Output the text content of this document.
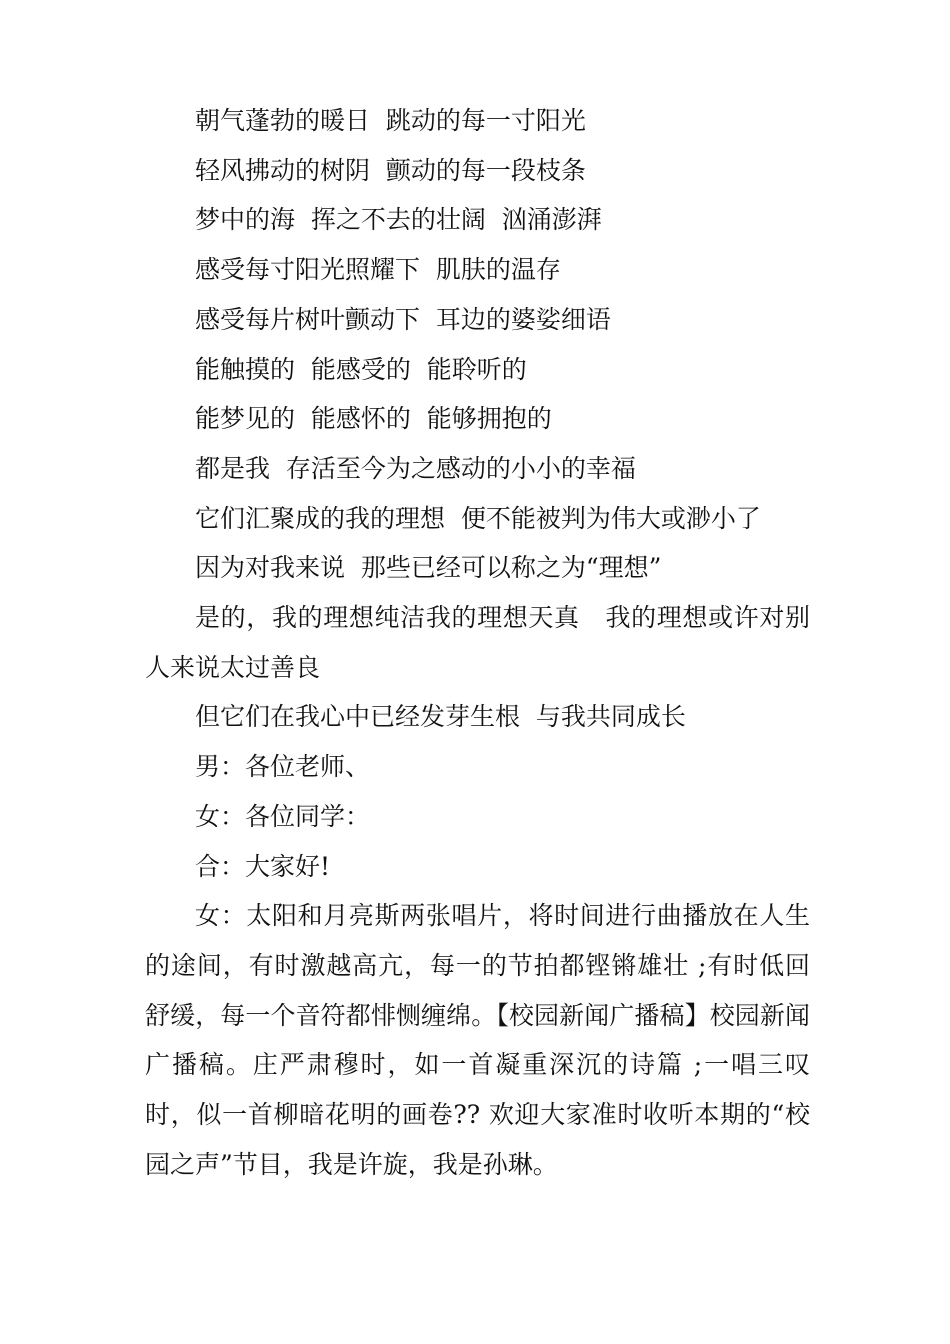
朝气蓬勃的暖日  跳动的每一寸阳光

轻风拂动的树阴  颤动的每一段枝条

梦中的海  挥之不去的壮阔  汹涌澎湃

感受每寸阳光照耀下  肌肤的温存

感受每片树叶颤动下  耳边的婆娑细语

能触摸的  能感受的  能聆听的

能梦见的  能感怀的  能够拥抱的

都是我  存活至今为之感动的小小的幸福

它们汇聚成的我的理想  便不能被判为伟大或渺小了

因为对我来说  那些已经可以称之为“理想”

是的，我的理想纯洁我的理想天真   我的理想或许对别人来说太过善良

但它们在我心中已经发芽生根  与我共同成长

男：各位老师、

女：各位同学：

合：大家好!

女：太阳和月亮斯两张唱片，将时间进行曲播放在人生的途间，有时激越高亢，每一的节拍都铿锵雄壮 ;有时低回舒缓，每一个音符都悱恻缠绵。【校园新闻广播稿】校园新闻广播稿。庄严肃穆时，如一首凝重深沉的诗篇 ;一唱三叹时，似一首柳暗花明的画卷?? 欢迎大家准时收听本期的“校园之声”节目，我是许旋，我是孙琳。
